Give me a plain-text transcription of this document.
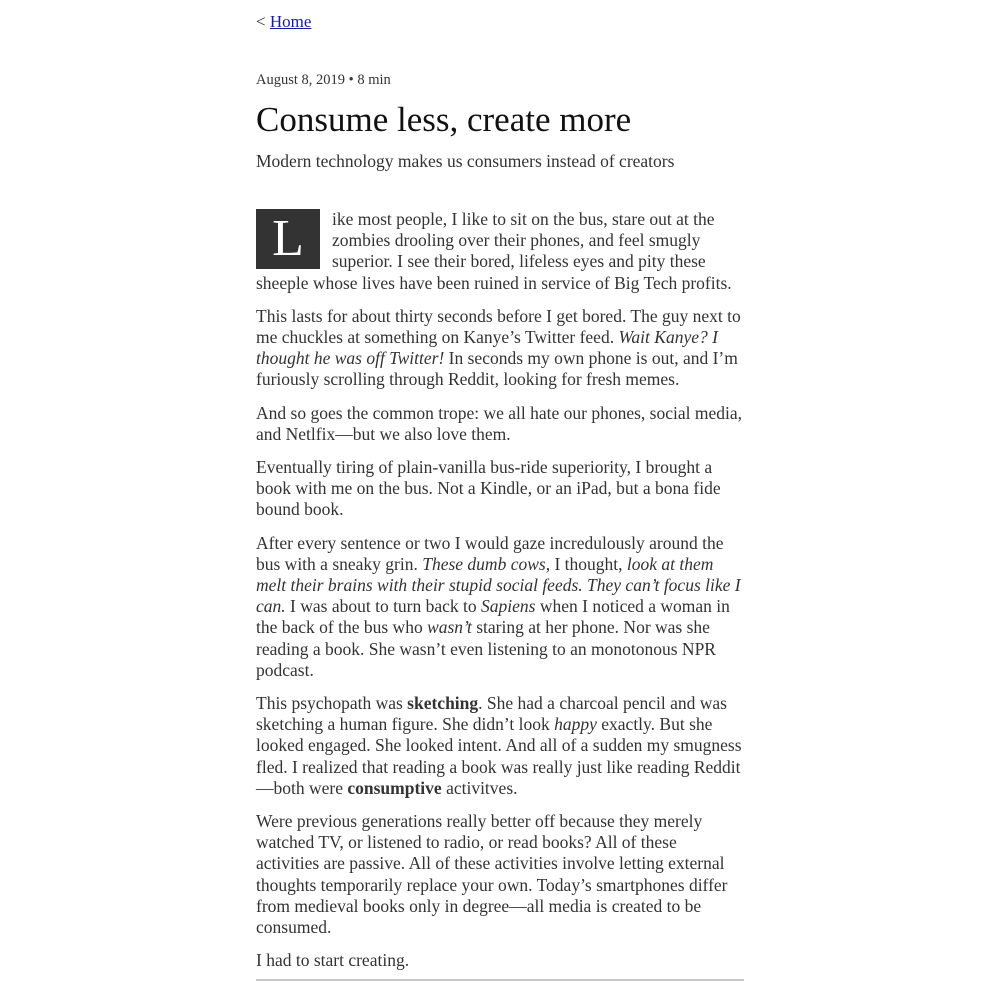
< Home
August 8, 2019 • 8 min
Consume less, create more

Modern technology makes us consumers instead of creators

L	ike most people, I like to sit on the bus, stare out at the zombies drooling over their phones, and feel smugly superior. I see their bored, lifeless eyes and pity these sheeple whose lives have been ruined in service of Big Tech profits.

This lasts for about thirty seconds before I get bored. The guy next to me chuckles at something on Kanye’s Twitter feed. Wait Kanye? I thought he was off Twitter! In seconds my own phone is out, and I’m furiously scrolling through Reddit, looking for fresh memes.

And so goes the common trope: we all hate our phones, social media, and Netlfix—but we also love them.

Eventually tiring of plain-vanilla bus-ride superiority, I brought a book with me on the bus. Not a Kindle, or an iPad, but a bona fide bound book.

After every sentence or two I would gaze incredulously around the bus with a sneaky grin. These dumb cows, I thought, look at them melt their brains with their stupid social feeds. They can’t focus like I can. I was about to turn back to Sapiens when I noticed a woman in the back of the bus who wasn’t staring at her phone. Nor was she reading a book. She wasn’t even listening to an monotonous NPR podcast.

This psychopath was sketching. She had a charcoal pencil and was sketching a human figure. She didn’t look happy exactly. But she looked engaged. She looked intent. And all of a sudden my smugness fled. I realized that reading a book was really just like reading Reddit—both were consumptive activitves.

Were previous generations really better off because they merely watched TV, or listened to radio, or read books? All of these activities are passive. All of these activities involve letting external thoughts temporarily replace your own. Today’s smartphones differ from medieval books only in degree—all media is created to be consumed.

I had to start creating.
